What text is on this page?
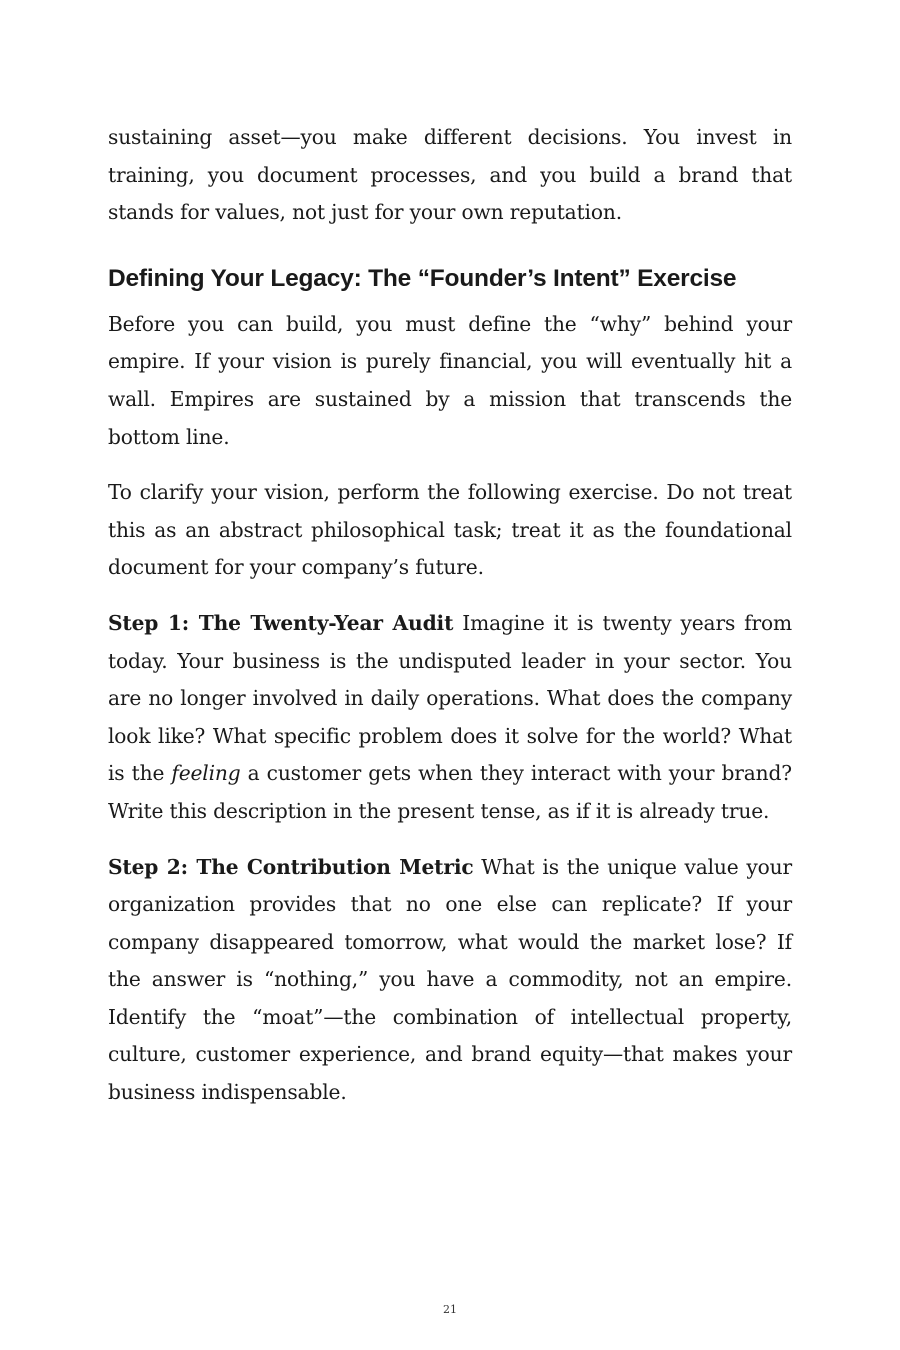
sustaining asset—you make different decisions. You invest in training, you document processes, and you build a brand that stands for values, not just for your own reputation.

Defining Your Legacy: The “Founder’s Intent” Exercise

Before you can build, you must define the “why” behind your empire. If your vision is purely financial, you will eventually hit a wall. Empires are sustained by a mission that transcends the bottom line.

To clarify your vision, perform the following exercise. Do not treat this as an abstract philosophical task; treat it as the foundational document for your company’s future.

Step 1: The Twenty-Year Audit Imagine it is twenty years from today. Your business is the undisputed leader in your sector. You are no longer involved in daily operations. What does the company look like? What specific problem does it solve for the world? What is the feeling a customer gets when they interact with your brand? Write this description in the present tense, as if it is already true.

Step 2: The Contribution Metric What is the unique value your organization provides that no one else can replicate? If your company disappeared tomorrow, what would the market lose? If the answer is “nothing,” you have a commodity, not an empire. Identify the “moat”—the combination of intellectual property, culture, customer experience, and brand equity—that makes your business indispensable.

21
